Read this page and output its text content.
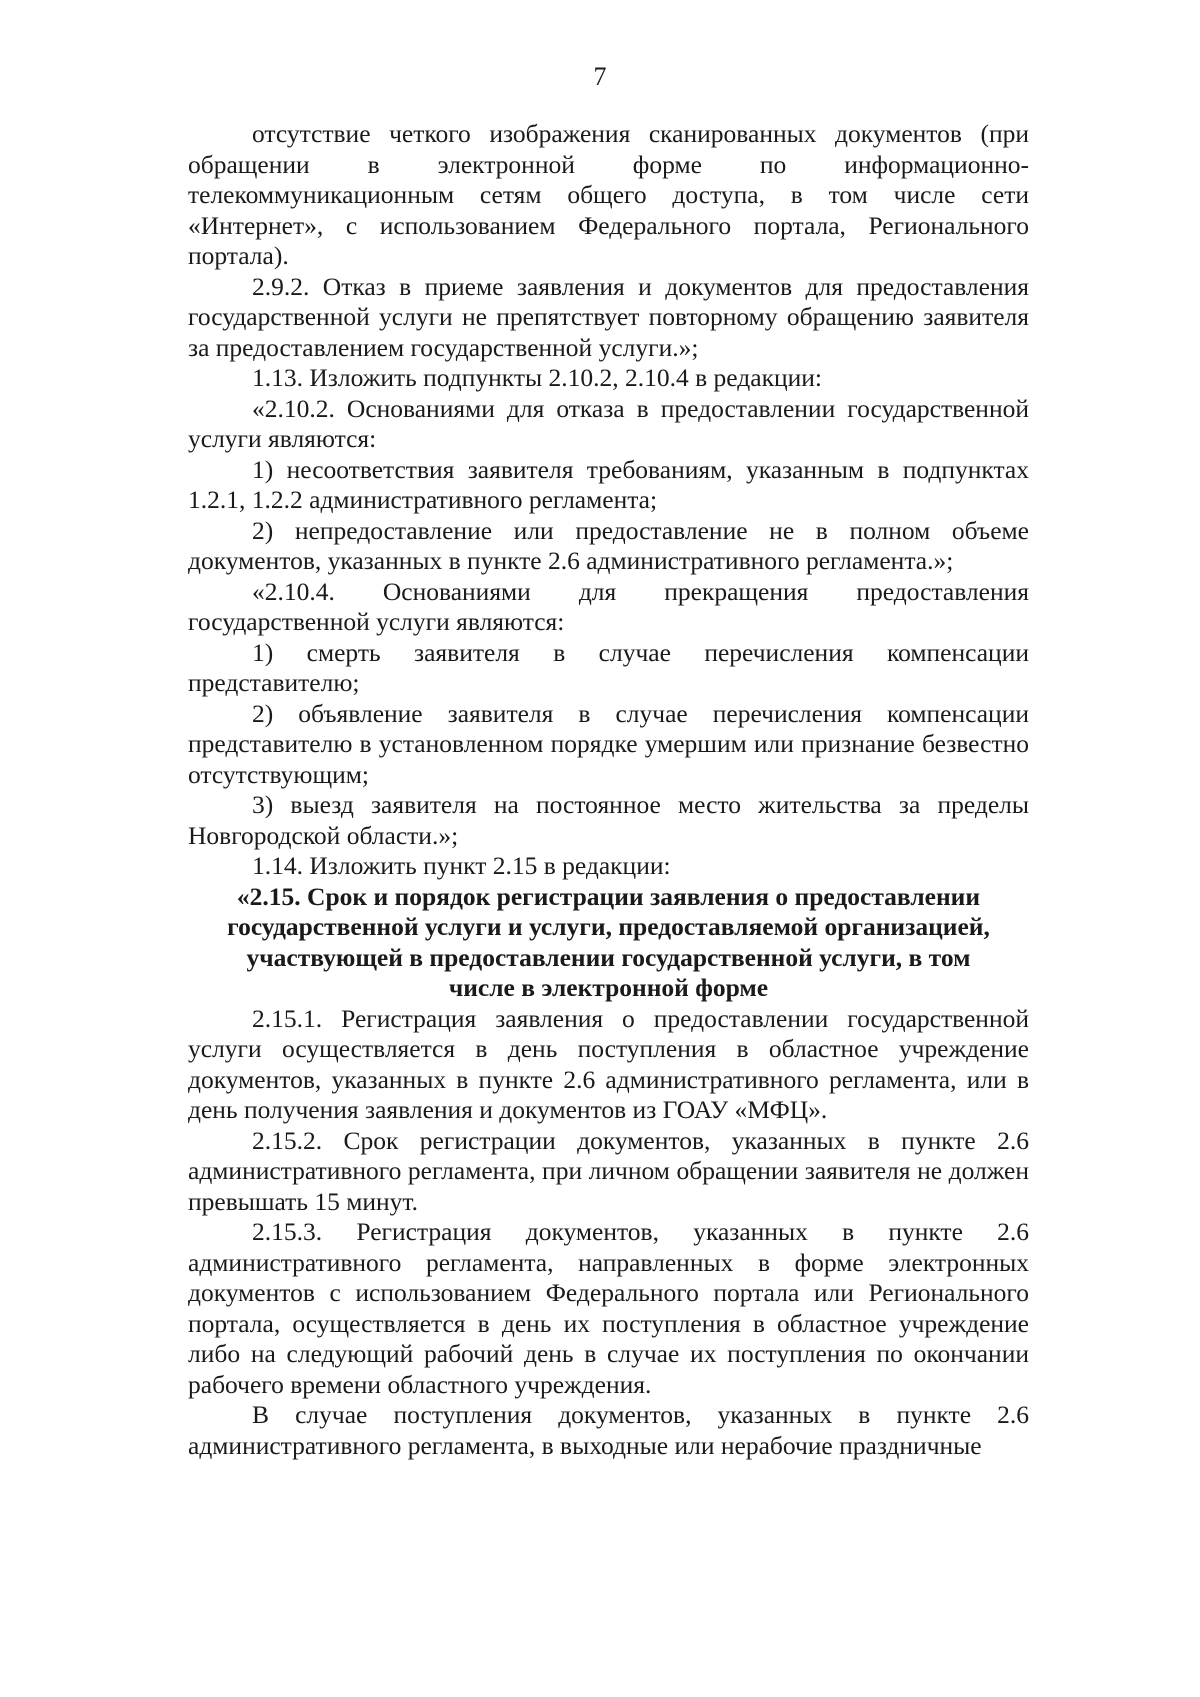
7

отсутствие четкого изображения сканированных документов (при обращении в электронной форме по информационно-телекоммуникационным сетям общего доступа, в том числе сети «Интернет», с использованием Федерального портала, Регионального портала).

2.9.2. Отказ в приеме заявления и документов для предоставления государственной услуги не препятствует повторному обращению заявителя за предоставлением государственной услуги.»;

1.13. Изложить подпункты 2.10.2, 2.10.4 в редакции:

«2.10.2. Основаниями для отказа в предоставлении государственной услуги являются:

1) несоответствия заявителя требованиям, указанным в подпунктах 1.2.1, 1.2.2 административного регламента;

2) непредоставление или предоставление не в полном объеме документов, указанных в пункте 2.6 административного регламента.»;

«2.10.4. Основаниями для прекращения предоставления государственной услуги являются:

1) смерть заявителя в случае перечисления компенсации представителю;

2) объявление заявителя в случае перечисления компенсации представителю в установленном порядке умершим или признание безвестно отсутствующим;

3) выезд заявителя на постоянное место жительства за пределы Новгородской области.»;

1.14. Изложить пункт 2.15 в редакции:

«2.15. Срок и порядок регистрации заявления о предоставлении государственной услуги и услуги, предоставляемой организацией, участвующей в предоставлении государственной услуги, в том числе в электронной форме

2.15.1. Регистрация заявления о предоставлении государственной услуги осуществляется в день поступления в областное учреждение документов, указанных в пункте 2.6 административного регламента, или в день получения заявления и документов из ГОАУ «МФЦ».

2.15.2. Срок регистрации документов, указанных в пункте 2.6 административного регламента, при личном обращении заявителя не должен превышать 15 минут.

2.15.3. Регистрация документов, указанных в пункте 2.6 административного регламента, направленных в форме электронных документов с использованием Федерального портала или Регионального портала, осуществляется в день их поступления в областное учреждение либо на следующий рабочий день в случае их поступления по окончании рабочего времени областного учреждения.

В случае поступления документов, указанных в пункте 2.6 административного регламента, в выходные или нерабочие праздничные
